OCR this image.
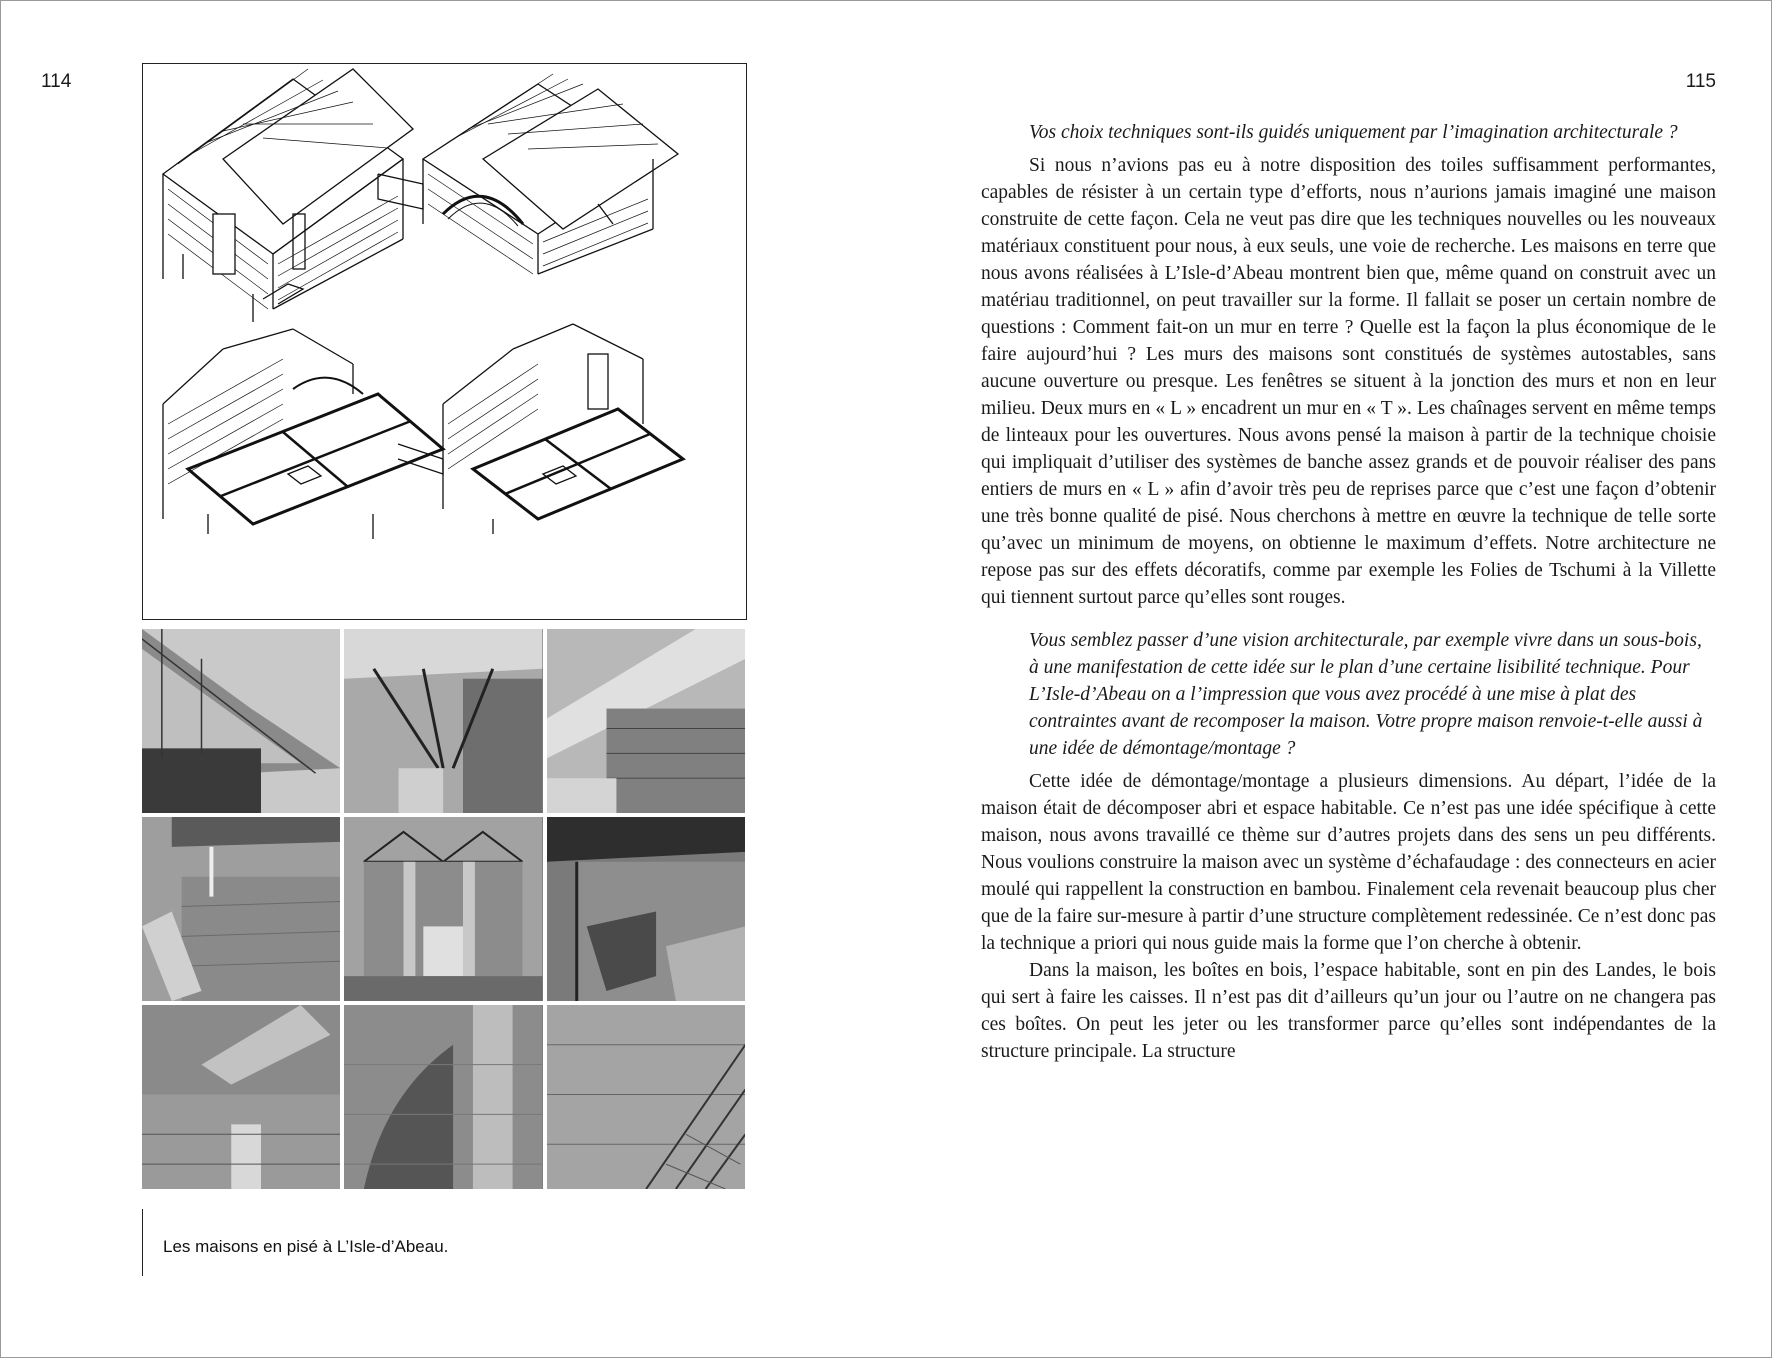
114
Les maisons en pisé à L’Isle-d’Abeau.
115

Vos choix techniques sont-ils guidés uniquement par l’imagination architecturale ?

Si nous n’avions pas eu à notre disposition des toiles suffisamment performantes, capables de résister à un certain type d’efforts, nous n’aurions jamais imaginé une maison construite de cette façon. Cela ne veut pas dire que les techniques nouvelles ou les nouveaux matériaux constituent pour nous, à eux seuls, une voie de recherche. Les maisons en terre que nous avons réalisées à L’Isle-d’Abeau montrent bien que, même quand on construit avec un matériau traditionnel, on peut travailler sur la forme. Il fallait se poser un certain nombre de questions : Comment fait-on un mur en terre ? Quelle est la façon la plus économique de le faire aujourd’hui ? Les murs des maisons sont constitués de systèmes autostables, sans aucune ouverture ou presque. Les fenêtres se situent à la jonction des murs et non en leur milieu. Deux murs en « L » encadrent un mur en « T ». Les chaînages servent en même temps de linteaux pour les ouvertures. Nous avons pensé la maison à partir de la technique choisie qui impliquait d’utiliser des systèmes de banche assez grands et de pouvoir réaliser des pans entiers de murs en « L » afin d’avoir très peu de reprises parce que c’est une façon d’obtenir une très bonne qualité de pisé. Nous cherchons à mettre en œuvre la technique de telle sorte qu’avec un minimum de moyens, on obtienne le maximum d’effets. Notre architecture ne repose pas sur des effets décoratifs, comme par exemple les Folies de Tschumi à la Villette qui tiennent surtout parce qu’elles sont rouges.

Vous semblez passer d’une vision architecturale, par exemple vivre dans un sous-bois, à une manifestation de cette idée sur le plan d’une certaine lisibilité technique. Pour L’Isle-d’Abeau on a l’impression que vous avez procédé à une mise à plat des contraintes avant de recomposer la maison. Votre propre maison renvoie-t-elle aussi à une idée de démontage/montage ?

Cette idée de démontage/montage a plusieurs dimensions. Au départ, l’idée de la maison était de décomposer abri et espace habitable. Ce n’est pas une idée spécifique à cette maison, nous avons travaillé ce thème sur d’autres projets dans des sens un peu différents. Nous voulions construire la maison avec un système d’échafaudage : des connecteurs en acier moulé qui rappellent la construction en bambou. Finalement cela revenait beaucoup plus cher que de la faire sur-mesure à partir d’une structure complètement redessinée. Ce n’est donc pas la technique a priori qui nous guide mais la forme que l’on cherche à obtenir.

Dans la maison, les boîtes en bois, l’espace habitable, sont en pin des Landes, le bois qui sert à faire les caisses. Il n’est pas dit d’ailleurs qu’un jour ou l’autre on ne changera pas ces boîtes. On peut les jeter ou les transformer parce qu’elles sont indépendantes de la structure principale. La structure
